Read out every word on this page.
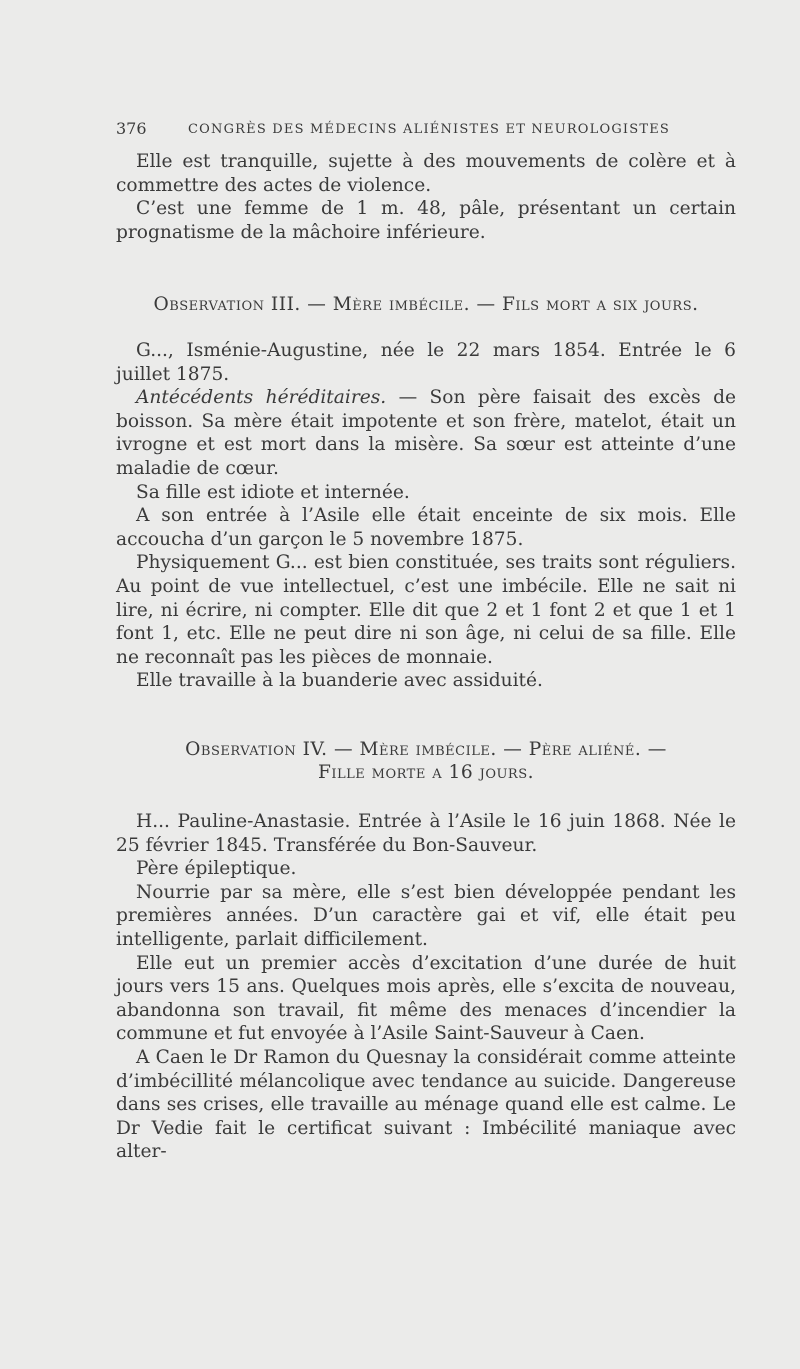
376	CONGRÈS DES MÉDECINS ALIÉNISTES ET NEUROLOGISTES

Elle est tranquille, sujette à des mouvements de colère et à commettre des actes de violence.

C’est une femme de 1 m. 48, pâle, présentant un certain prognatisme de la mâchoire inférieure.

Observation III. — Mère imbécile. — Fils mort a six jours.

G..., Isménie-Augustine, née le 22 mars 1854. Entrée le 6 juillet 1875.

Antécédents héréditaires. — Son père faisait des excès de boisson. Sa mère était impotente et son frère, matelot, était un ivrogne et est mort dans la misère. Sa sœur est atteinte d’une maladie de cœur.

Sa fille est idiote et internée.

A son entrée à l’Asile elle était enceinte de six mois. Elle accoucha d’un garçon le 5 novembre 1875.

Physiquement G... est bien constituée, ses traits sont réguliers. Au point de vue intellectuel, c’est une imbécile. Elle ne sait ni lire, ni écrire, ni compter. Elle dit que 2 et 1 font 2 et que 1 et 1 font 1, etc. Elle ne peut dire ni son âge, ni celui de sa fille. Elle ne reconnaît pas les pièces de monnaie.

Elle travaille à la buanderie avec assiduité.

Observation IV. — Mère imbécile. — Père aliéné. —

Fille morte a 16 jours.

H... Pauline-Anastasie. Entrée à l’Asile le 16 juin 1868. Née le 25 février 1845. Transférée du Bon-Sauveur.

Père épileptique.

Nourrie par sa mère, elle s’est bien développée pendant les premières années. D’un caractère gai et vif, elle était peu intelligente, parlait difficilement.

Elle eut un premier accès d’excitation d’une durée de huit jours vers 15 ans. Quelques mois après, elle s’excita de nouveau, abandonna son travail, fit même des menaces d’incendier la commune et fut envoyée à l’Asile Saint-Sauveur à Caen.

A Caen le Dr Ramon du Quesnay la considérait comme atteinte d’imbécillité mélancolique avec tendance au suicide. Dangereuse dans ses crises, elle travaille au ménage quand elle est calme. Le Dr Vedie fait le certificat suivant : Imbécilité maniaque avec alter-
